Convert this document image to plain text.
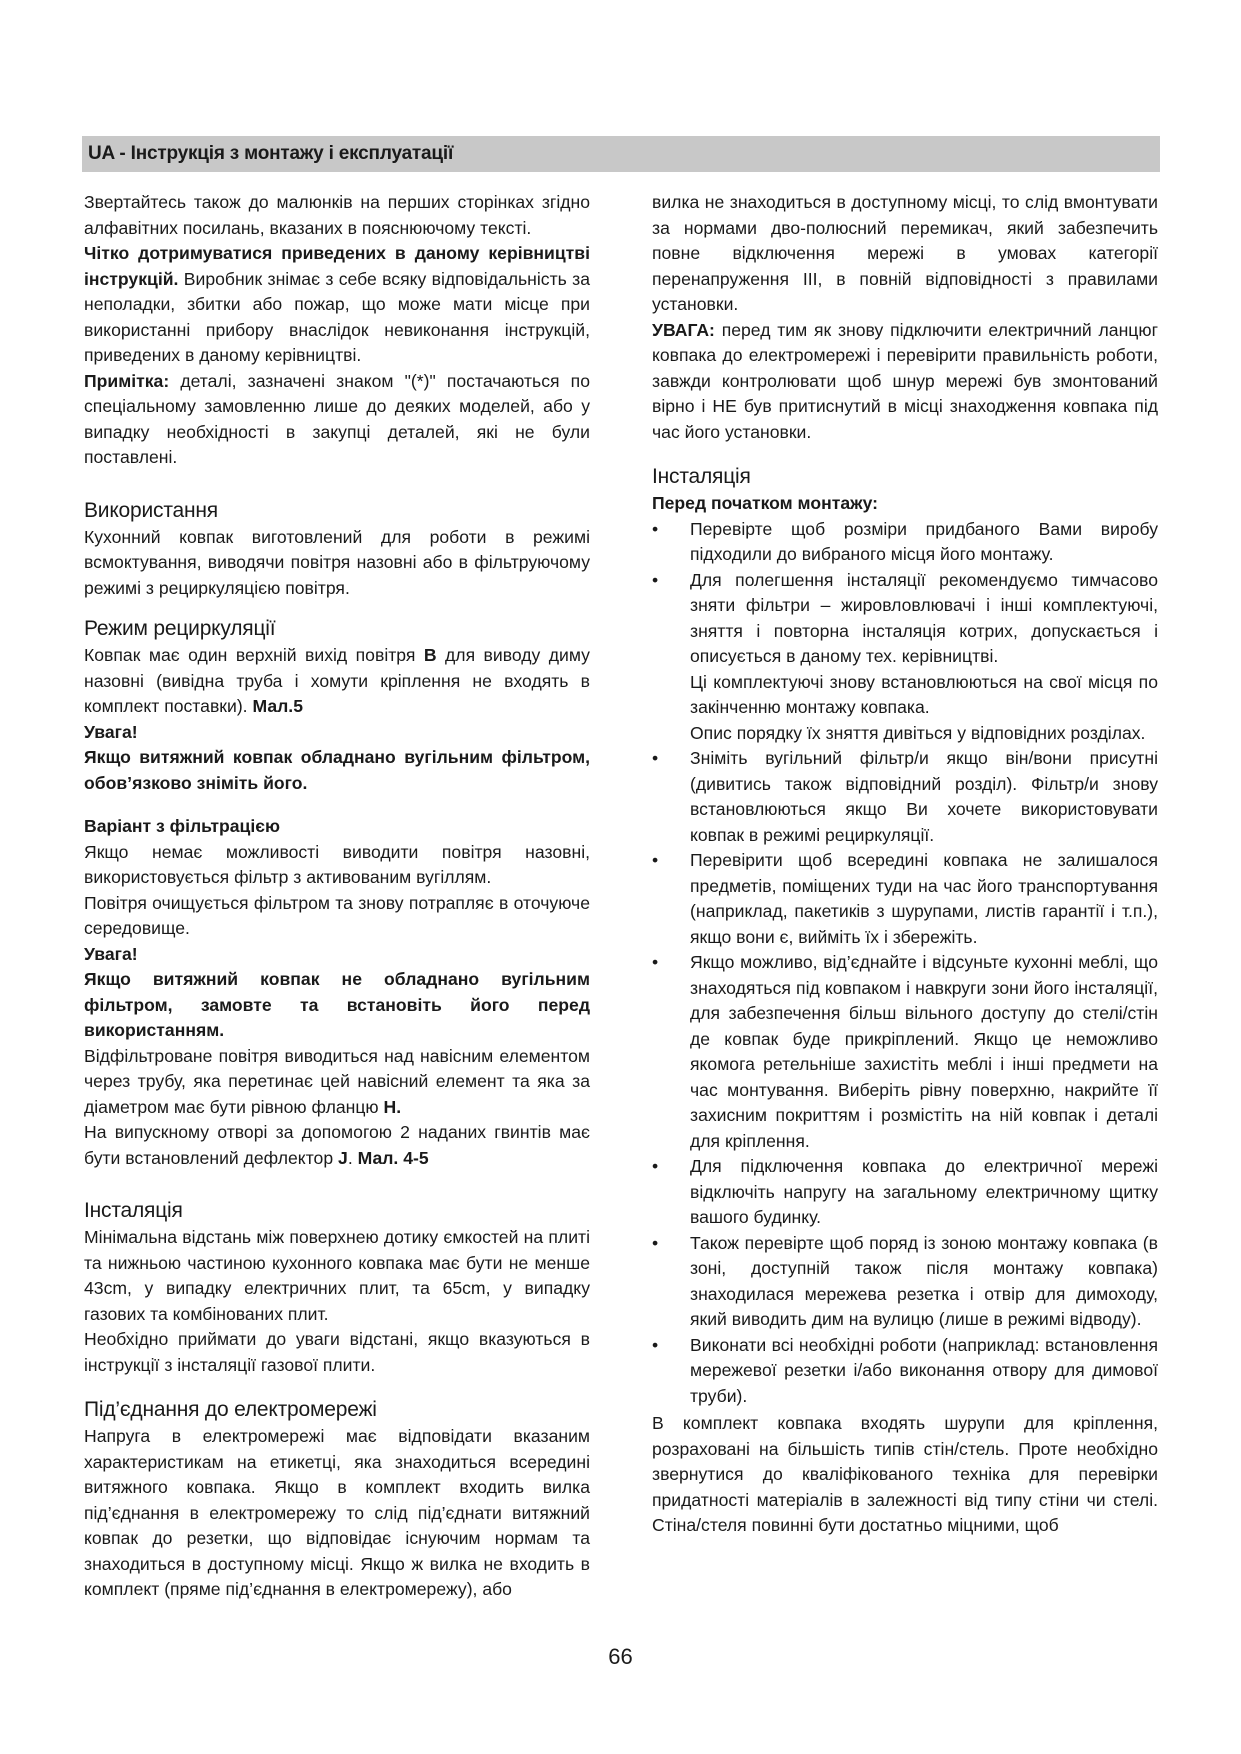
UA - Інструкція з монтажу і експлуатації

Звертайтесь також до малюнків на перших сторінках згідно алфавітних посилань, вказаних в пояснюючому тексті.

Чітко дотримуватися приведених в даному керівництві інструкцій. Виробник знімає з себе всяку відповідальність за неполадки, збитки або пожар, що може мати місце при використанні прибору внаслідок невиконання інструкцій, приведених в даному керівництві.

Примітка: деталі, зазначені знаком "(*)" постачаються по спеціальному замовленню лише до деяких моделей, або у випадку необхідності в закупці деталей, які не були поставлені.

Використання

Кухонний ковпак виготовлений для роботи в режимі всмоктування, виводячи повітря назовні або в фільтруючому режимі з рециркуляцією повітря.

Режим рециркуляції

Ковпак має один верхній вихід повітря B для виводу диму назовні (вивідна труба і хомути кріплення не входять в комплект поставки). Мал.5

Увага!

Якщо витяжний ковпак обладнано вугільним фільтром, обов’язково зніміть його.

Варіант з фільтрацією

Якщо немає можливості виводити повітря назовні, використовується фільтр з активованим вугіллям.

Повітря очищується фільтром та знову потрапляє в оточуюче середовище.

Увага!

Якщо витяжний ковпак не обладнано вугільним фільтром, замовте та встановіть його перед використанням.

Відфільтроване повітря виводиться над навісним елементом через трубу, яка перетинає цей навісний елемент та яка за діаметром має бути рівною фланцю H.

На випускному отворі за допомогою 2 наданих гвинтів має бути встановлений дефлектор J. Мал. 4-5

Інсталяція

Мінімальна відстань між поверхнею дотику ємкостей на плиті та нижньою частиною кухонного ковпака має бути не менше 43cm, у випадку електричних плит, та 65cm, у випадку газових та комбінованих плит.

Необхідно приймати до уваги відстані, якщо вказуються в інструкції з інсталяції газової плити.

Під’єднання до електромережі

Напруга в електромережі має відповідати вказаним характеристикам на етикетці, яка знаходиться всередині витяжного ковпака. Якщо в комплект входить вилка під’єднання в електромережу то слід під’єднати витяжний ковпак до резетки, що відповідає існуючим нормам та знаходиться в доступному місці. Якщо ж вилка не входить в комплект (пряме під’єднання в електромережу), або

вилка не знаходиться в доступному місці, то слід вмонтувати за нормами дво-полюсний перемикач, який забезпечить повне відключення мережі в умовах категорії перенапруження III, в повній відповідності з правилами установки.

УВАГА: перед тим як знову підключити електричний ланцюг ковпака до електромережі і перевірити правильність роботи, завжди контролювати щоб шнур мережі був змонтований вірно і НЕ був притиснутий в місці знаходження ковпака під час його установки.

Інсталяція

Перед початком монтажу:

• Перевірте щоб розміри придбаного Вами виробу підходили до вибраного місця його монтажу.

• Для полегшення інсталяції рекомендуємо тимчасово зняти фільтри – жировловлювачі і інші комплектуючі, зняття і повторна інсталяція котрих, допускається і описується в даному тех. керівництві.

Ці комплектуючі знову встановлюються на свої місця по закінченню монтажу ковпака.

Опис порядку їх зняття дивіться у відповідних розділах.

• Зніміть вугільний фільтр/и якщо він/вони присутні (дивитись також відповідний розділ). Фільтр/и знову встановлюються якщо Ви хочете використовувати ковпак в режимі рециркуляції.

• Перевірити щоб всередині ковпака не залишалося предметів, поміщених туди на час його транспортування (наприклад, пакетиків з шурупами, листів гарантії і т.п.), якщо вони є, вийміть їх і збережіть.

• Якщо можливо, від’єднайте і відсуньте кухонні меблі, що знаходяться під ковпаком і навкруги зони його інсталяції, для забезпечення більш вільного доступу до стелі/стін де ковпак буде прикріплений. Якщо це неможливо якомога ретельніше захистіть меблі і інші предмети на час монтування. Виберіть рівну поверхню, накрийте її захисним покриттям і розмістіть на ній ковпак і деталі для кріплення.

• Для підключення ковпака до електричної мережі відключіть напругу на загальному електричному щитку вашого будинку.

• Також перевірте щоб поряд із зоною монтажу ковпака (в зоні, доступній також після монтажу ковпака) знаходилася мережева резетка і отвір для димоходу, який виводить дим на вулицю (лише в режимі відводу).

• Виконати всі необхідні роботи (наприклад: встановлення мережевої резетки і/або виконання отвору для димової труби).

В комплект ковпака входять шурупи для кріплення, розраховані на більшість типів стін/стель. Проте необхідно звернутися до кваліфікованого техніка для перевірки придатності матеріалів в залежності від типу стіни чи стелі. Стіна/стеля повинні бути достатньо міцними, щоб

66
